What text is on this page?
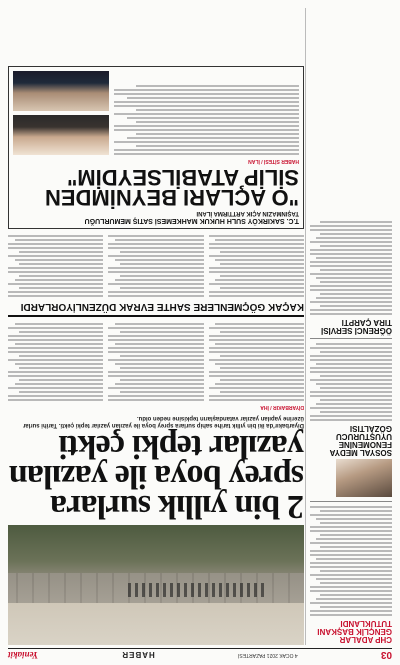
03
4 OCAK 2021 PAZARTESİ
HABER
Yeniakit
CHP ADALAR GENÇLİK BAŞKANI TUTUKLANDI
SOSYAL MEDYA FENOMENİNE UYUŞTURUCU GÖZALTISI
ÖĞRENCİ SERVİSİ TIRA ÇARPTI
2 bin yıllık surlara sprey boya ile yazılan yazılar tepki çekti
Diyarbakır'da iki bin yıllık tarihe sahip surlara sprey boya ile yazılan yazılar tepki çekti. Tarihi surlar üzerine yapılan yazılar vatandaşların tepkisine neden oldu.
DİYARBAKIR / İHA
KAÇAK GÖÇMENLERE SAHTE EVRAK DÜZENLİYORLARDI
T.C. SAKIRKÖY SULH HUKUK MAHKEMESİ SATIŞ MEMURLUĞU
TAŞINMAZIN AÇIK ARTTIRMA İLANI
"O AÇLARI BEYNİMDEN SİLİP ATABİLSEYDİM"
HABER SİTESİ / İLAN
